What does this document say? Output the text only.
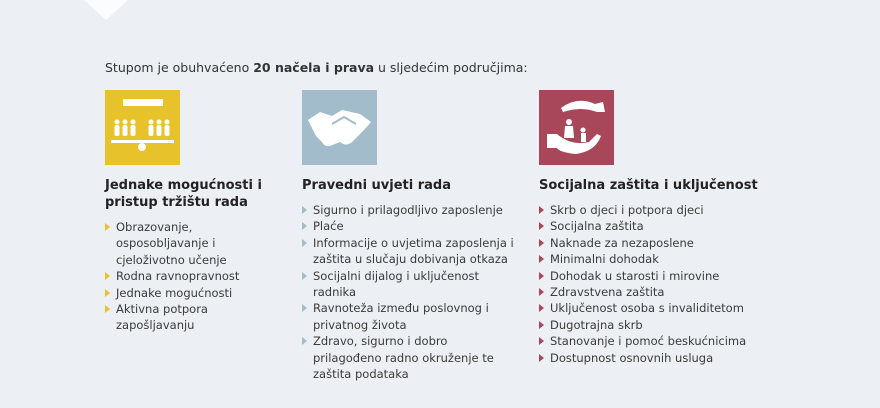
Stupom je obuhvaćeno 20 načela i prava u sljedećim područjima:

Jednake mogućnosti i pristup tržištu rada
Obrazovanje, osposobljavanje i cjeloživotno učenje
Rodna ravnopravnost
Jednake mogućnosti
Aktivna potpora zapošljavanju
Pravedni uvjeti rada
Sigurno i prilagodljivo zaposlenje
Plaće
Informacije o uvjetima zaposlenja i zaštita u slučaju dobivanja otkaza
Socijalni dijalog i uključenost radnika
Ravnoteža između poslovnog i privatnog života
Zdravo, sigurno i dobro prilagođeno radno okruženje te zaštita podataka
Socijalna zaštita i uključenost
Skrb o djeci i potpora djeci
Socijalna zaštita
Naknade za nezaposlene
Minimalni dohodak
Dohodak u starosti i mirovine
Zdravstvena zaštita
Uključenost osoba s invaliditetom
Dugotrajna skrb
Stanovanje i pomoć beskućnicima
Dostupnost osnovnih usluga
